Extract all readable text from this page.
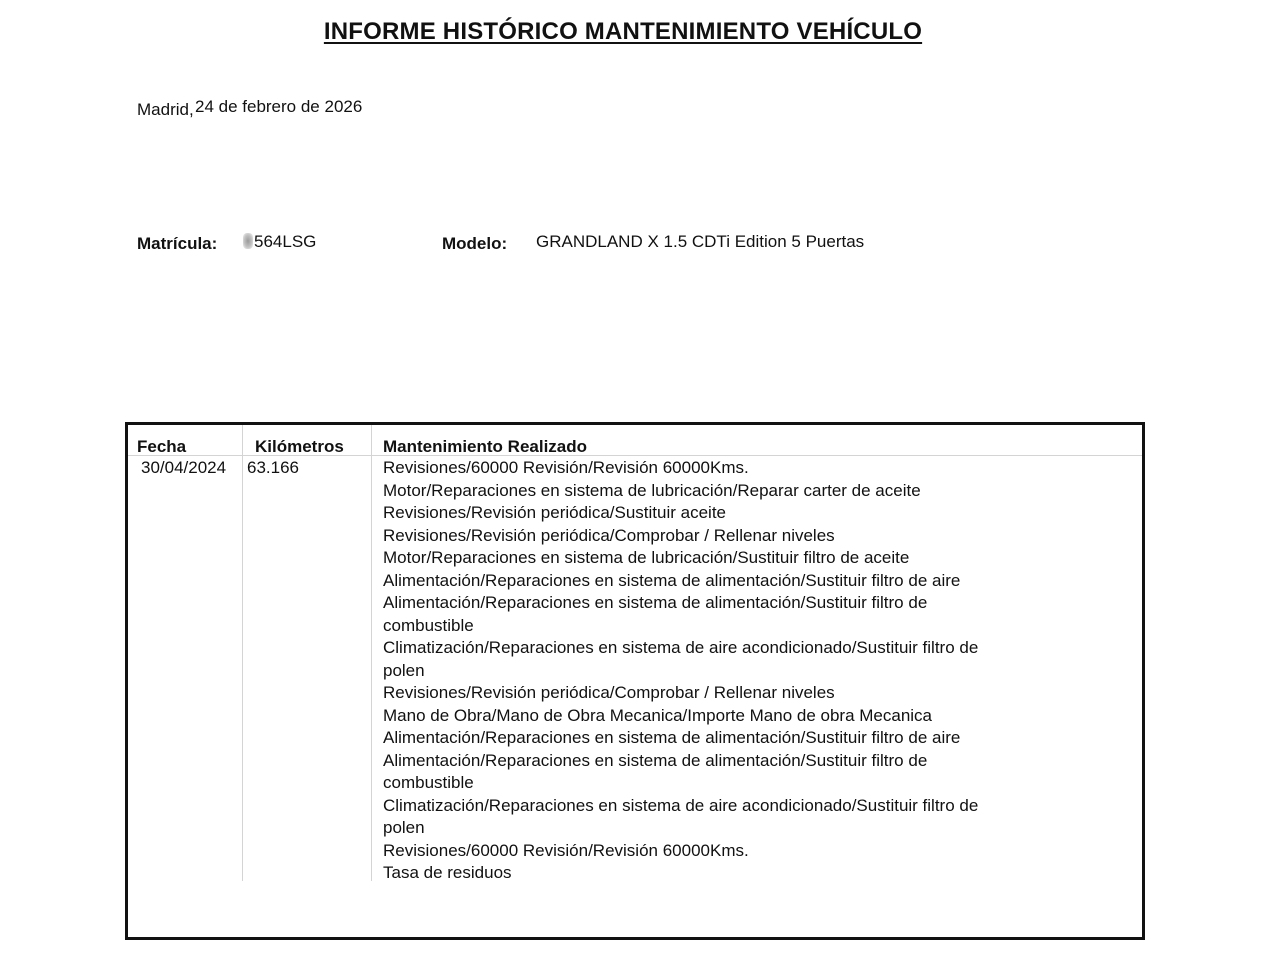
INFORME HISTÓRICO MANTENIMIENTO VEHÍCULO
Madrid, 24 de febrero de 2026
Matrícula:	564LSG	Modelo: GRANDLAND X 1.5 CDTi Edition 5 Puertas
Fecha	Kilómetros Mantenimiento Realizado
30/04/2024 63.166	Revisiones/60000 Revisión/Revisión 60000Kms.
Motor/Reparaciones en sistema de lubricación/Reparar carter de aceite
Revisiones/Revisión periódica/Sustituir aceite
Revisiones/Revisión periódica/Comprobar / Rellenar niveles
Motor/Reparaciones en sistema de lubricación/Sustituir filtro de aceite
Alimentación/Reparaciones en sistema de alimentación/Sustituir filtro de aire
Alimentación/Reparaciones en sistema de alimentación/Sustituir filtro de
combustible
Climatización/Reparaciones en sistema de aire acondicionado/Sustituir filtro de
polen
Revisiones/Revisión periódica/Comprobar / Rellenar niveles
Mano de Obra/Mano de Obra Mecanica/Importe Mano de obra Mecanica
Alimentación/Reparaciones en sistema de alimentación/Sustituir filtro de aire
Alimentación/Reparaciones en sistema de alimentación/Sustituir filtro de
combustible
Climatización/Reparaciones en sistema de aire acondicionado/Sustituir filtro de
polen
Revisiones/60000 Revisión/Revisión 60000Kms.
Tasa de residuos
